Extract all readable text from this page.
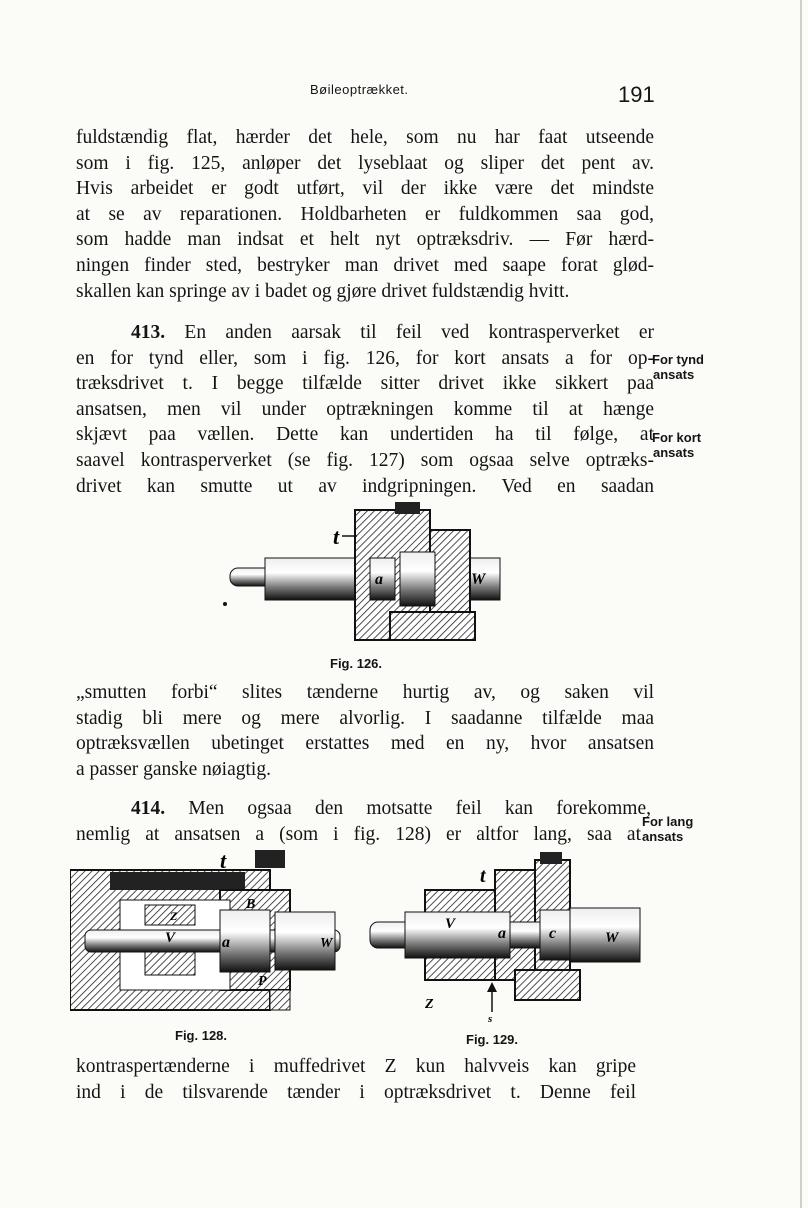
Bøileoptrækket.	191
fuldstændig flat, hærder det hele, som nu har faat utseende
som i fig. 125, anløper det lyseblaat og sliper det pent av.
Hvis arbeidet er godt utført, vil der ikke være det mindste
at se av reparationen. Holdbarheten er fuldkommen saa god,
som hadde man indsat et helt nyt optræksdriv. — Før hærd-
ningen finder sted, bestryker man drivet med saape forat glød-
skallen kan springe av i badet og gjøre drivet fuldstændig hvitt.
413. En anden aarsak til feil ved kontrasperverket er
en for tynd eller, som i fig. 126, for kort ansats a for op-
træksdrivet t. I begge tilfælde sitter drivet ikke sikkert paa
ansatsen, men vil under optrækningen komme til at hænge
skjævt paa vællen. Dette kan undertiden ha til følge, at
saavel kontrasperverket (se fig. 127) som ogsaa selve optræks-
drivet kan smutte ut av indgripningen. Ved en saadan
For tynd
ansats
For kort
ansats
For lang
ansats
t
a	W
Fig. 126.
„smutten forbi“ slites tænderne hurtig av, og saken vil
stadig bli mere og mere alvorlig. I saadanne tilfælde maa
optræksvællen ubetinget erstattes med en ny, hvor ansatsen
a passer ganske nøiagtig.
414. Men ogsaa den motsatte feil kan forekomme,
nemlig at ansatsen a (som i fig. 128) er altfor lang, saa at
t
B
Z
V	a	W
P
Fig. 128.
t
V
a	c	W
Z
s
Fig. 129.
kontraspertænderne i muffedrivet Z kun halvveis kan gripe
ind i de tilsvarende tænder i optræksdrivet t. Denne feil
